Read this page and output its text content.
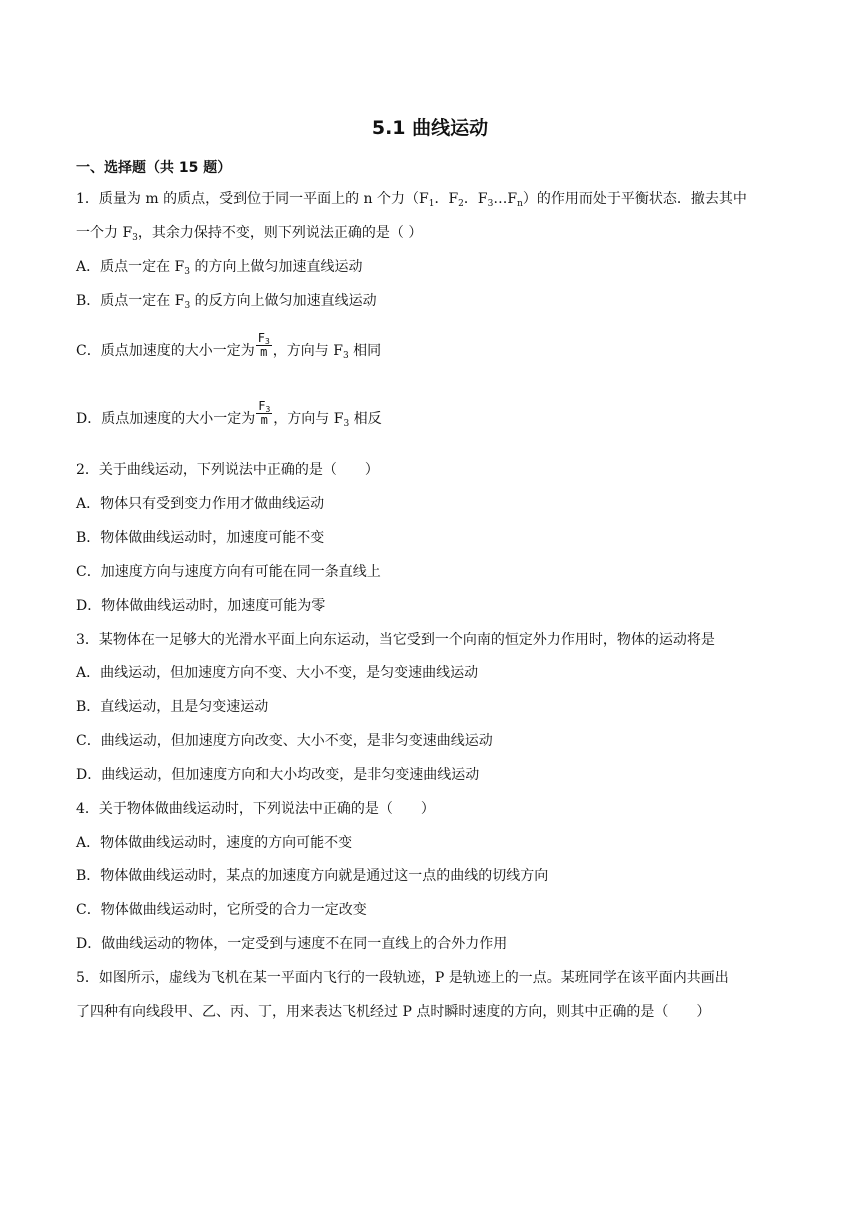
5.1 曲线运动
一、选择题（共 15 题）
1．质量为 m 的质点，受到位于同一平面上的 n 个力（$F_1$．$F_2$．$F_3\dots F_n$）的作用而处于平衡状态．撤去其中
一个力 $F_3$，其余力保持不变，则下列说法正确的是（ ）
A．质点一定在 $F_3$ 的方向上做匀加速直线运动
B．质点一定在 $F_3$ 的反方向上做匀加速直线运动
C．质点加速度的大小一定为 $\frac{F_3}{m}$ ，方向与 $F_3$ 相同
D．质点加速度的大小一定为 $\frac{F_3}{m}$ ，方向与 $F_3$ 相反
2．关于曲线运动，下列说法中正确的是（　　）
A．物体只有受到变力作用才做曲线运动
B．物体做曲线运动时，加速度可能不变
C．加速度方向与速度方向有可能在同一条直线上
D．物体做曲线运动时，加速度可能为零
3．某物体在一足够大的光滑水平面上向东运动，当它受到一个向南的恒定外力作用时，物体的运动将是
A．曲线运动，但加速度方向不变、大小不变，是匀变速曲线运动
B．直线运动，且是匀变速运动
C．曲线运动，但加速度方向改变、大小不变，是非匀变速曲线运动
D．曲线运动，但加速度方向和大小均改变，是非匀变速曲线运动
4．关于物体做曲线运动时，下列说法中正确的是（　　）
A．物体做曲线运动时，速度的方向可能不变
B．物体做曲线运动时，某点的加速度方向就是通过这一点的曲线的切线方向
C．物体做曲线运动时，它所受的合力一定改变
D．做曲线运动的物体，一定受到与速度不在同一直线上的合外力作用
5．如图所示，虚线为飞机在某一平面内飞行的一段轨迹，P 是轨迹上的一点。某班同学在该平面内共画出
了四种有向线段甲、乙、丙、丁，用来表达飞机经过 P 点时瞬时速度的方向，则其中正确的是（　　）
